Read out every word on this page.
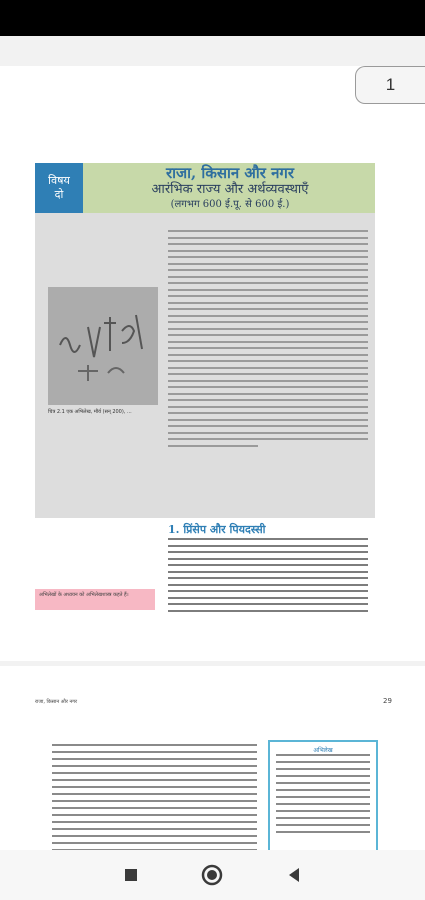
1
विषय
दो
राजा, किसान और नगर
आरंभिक राज्य और अर्थव्यवस्थाएँ
(लगभग 600 ई.पू. से 600 ई.)
चित्र 2.1 एक अभिलेख, मौर्य (सन् 200), ...
1. प्रिंसेप और पियदस्सी
अभिलेखों के अध्ययन को अभिलेखशास्त्र कहते हैं।
राजा, किसान और नगर	29
अभिलेख
